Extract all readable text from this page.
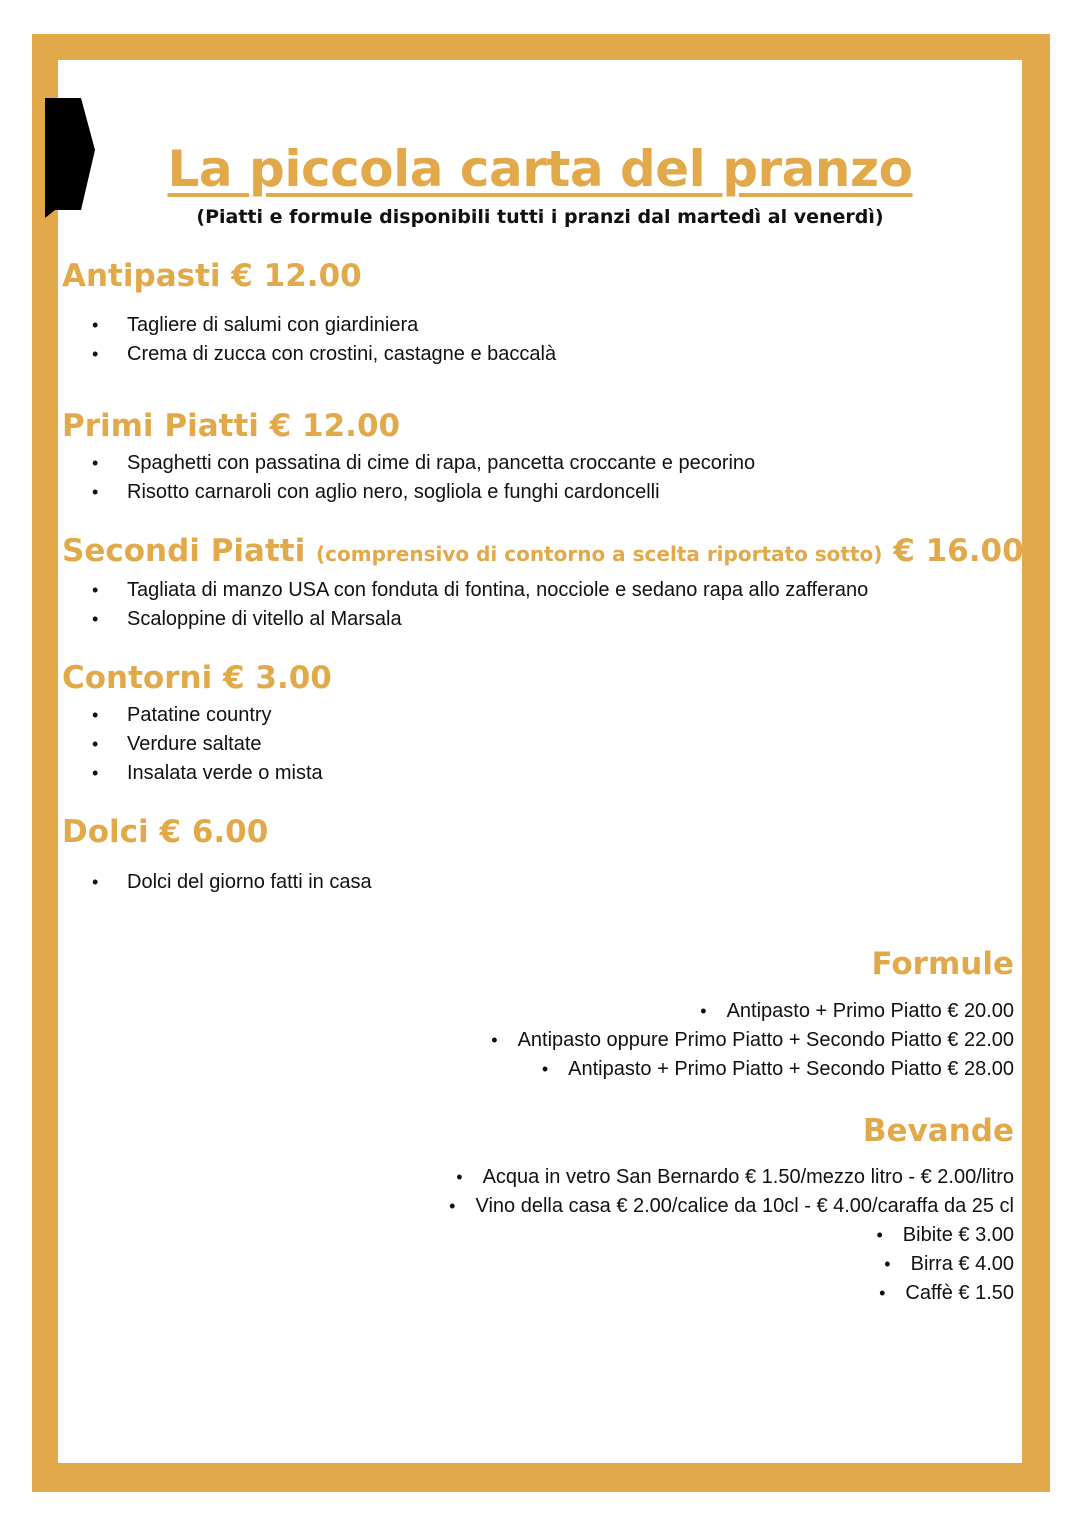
La piccola carta del pranzo
(Piatti e formule disponibili tutti i pranzi dal martedì al venerdì)
Antipasti € 12.00
• Tagliere di salumi con giardiniera
• Crema di zucca con crostini, castagne e baccalà
Primi Piatti € 12.00
• Spaghetti con passatina di cime di rapa, pancetta croccante e pecorino
• Risotto carnaroli con aglio nero, sogliola e funghi cardoncelli
Secondi Piatti (comprensivo di contorno a scelta riportato sotto) € 16.00
• Tagliata di manzo USA con fonduta di fontina, nocciole e sedano rapa allo zafferano
• Scaloppine di vitello al Marsala
Contorni € 3.00
• Patatine country
• Verdure saltate
• Insalata verde o mista
Dolci € 6.00
• Dolci del giorno fatti in casa
Formule
• Antipasto + Primo Piatto € 20.00
• Antipasto oppure Primo Piatto + Secondo Piatto € 22.00
• Antipasto + Primo Piatto + Secondo Piatto € 28.00
Bevande
• Acqua in vetro San Bernardo € 1.50/mezzo litro - € 2.00/litro
• Vino della casa € 2.00/calice da 10cl - € 4.00/caraffa da 25 cl
• Bibite € 3.00
• Birra € 4.00
• Caffè € 1.50
